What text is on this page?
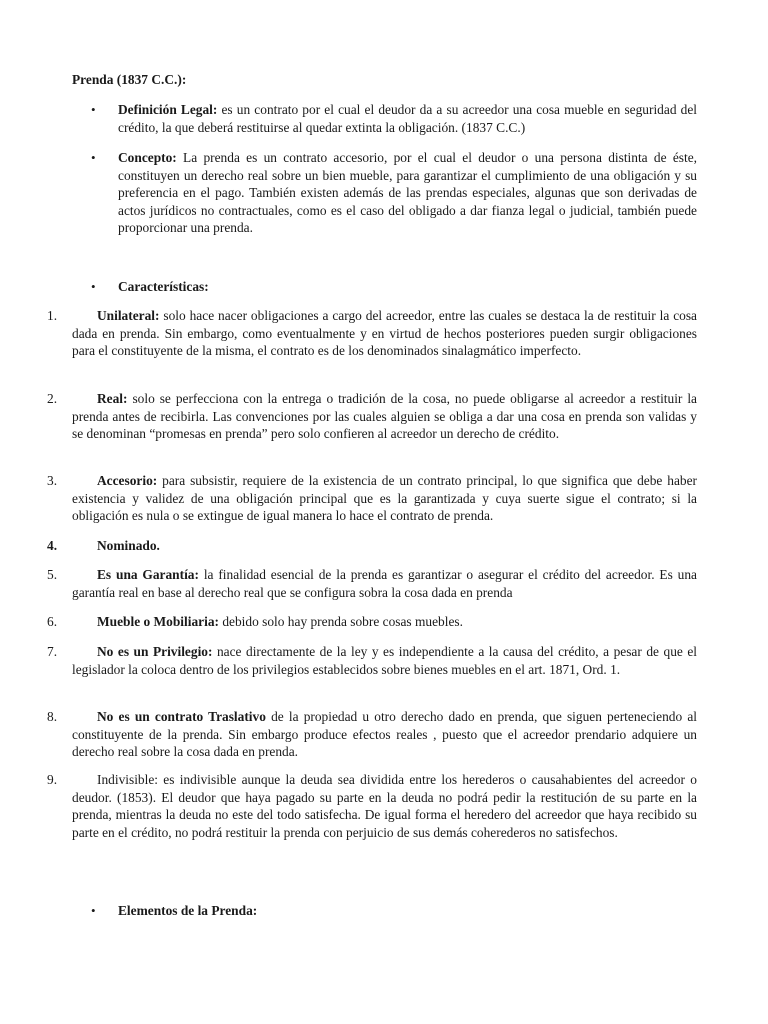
Prenda (1837 C.C.):
• Definición Legal: es un contrato por el cual el deudor da a su acreedor una cosa mueble en seguridad del crédito, la que deberá restituirse al quedar extinta la obligación. (1837 C.C.)
• Concepto: La prenda es un contrato accesorio, por el cual el deudor o una persona distinta de éste, constituyen un derecho real sobre un bien mueble, para garantizar el cumplimiento de una obligación y su preferencia en el pago. También existen además de las prendas especiales, algunas que son derivadas de actos jurídicos no contractuales, como es el caso del obligado a dar fianza legal o judicial, también puede proporcionar una prenda.
• Características:
1.	Unilateral: solo hace nacer obligaciones a cargo del acreedor, entre las cuales se destaca la de restituir la cosa dada en prenda. Sin embargo, como eventualmente y en virtud de hechos posteriores pueden surgir obligaciones para el constituyente de la misma, el contrato es de los denominados sinalagmático imperfecto.
2.	Real: solo se perfecciona con la entrega o tradición de la cosa, no puede obligarse al acreedor a restituir la prenda antes de recibirla. Las convenciones por las cuales alguien se obliga a dar una cosa en prenda son validas y se denominan “promesas en prenda” pero solo confieren al acreedor un derecho de crédito.
3.	Accesorio: para subsistir, requiere de la existencia de un contrato principal, lo que significa que debe haber existencia y validez de una obligación principal que es la garantizada y cuya suerte sigue el contrato; si la obligación es nula o se extingue de igual manera lo hace el contrato de prenda.
4.	Nominado.
5.	Es una Garantía: la finalidad esencial de la prenda es garantizar o asegurar el crédito del acreedor. Es una garantía real en base al derecho real que se configura sobra la cosa dada en prenda
6.	Mueble o Mobiliaria: debido solo hay prenda sobre cosas muebles.
7.	No es un Privilegio: nace directamente de la ley y es independiente a la causa del crédito, a pesar de que el legislador la coloca dentro de los privilegios establecidos sobre bienes muebles en el art. 1871, Ord. 1.
8.	No es un contrato Traslativo de la propiedad u otro derecho dado en prenda, que siguen perteneciendo al constituyente de la prenda. Sin embargo produce efectos reales , puesto que el acreedor prendario adquiere un derecho real sobre la cosa dada en prenda.
9.	Indivisible: es indivisible aunque la deuda sea dividida entre los herederos o causahabientes del acreedor o deudor. (1853). El deudor que haya pagado su parte en la deuda no podrá pedir la restitución de su parte en la prenda, mientras la deuda no este del todo satisfecha. De igual forma el heredero del acreedor que haya recibido su parte en el crédito, no podrá restituir la prenda con perjuicio de sus demás coherederos no satisfechos.
• Elementos de la Prenda:
